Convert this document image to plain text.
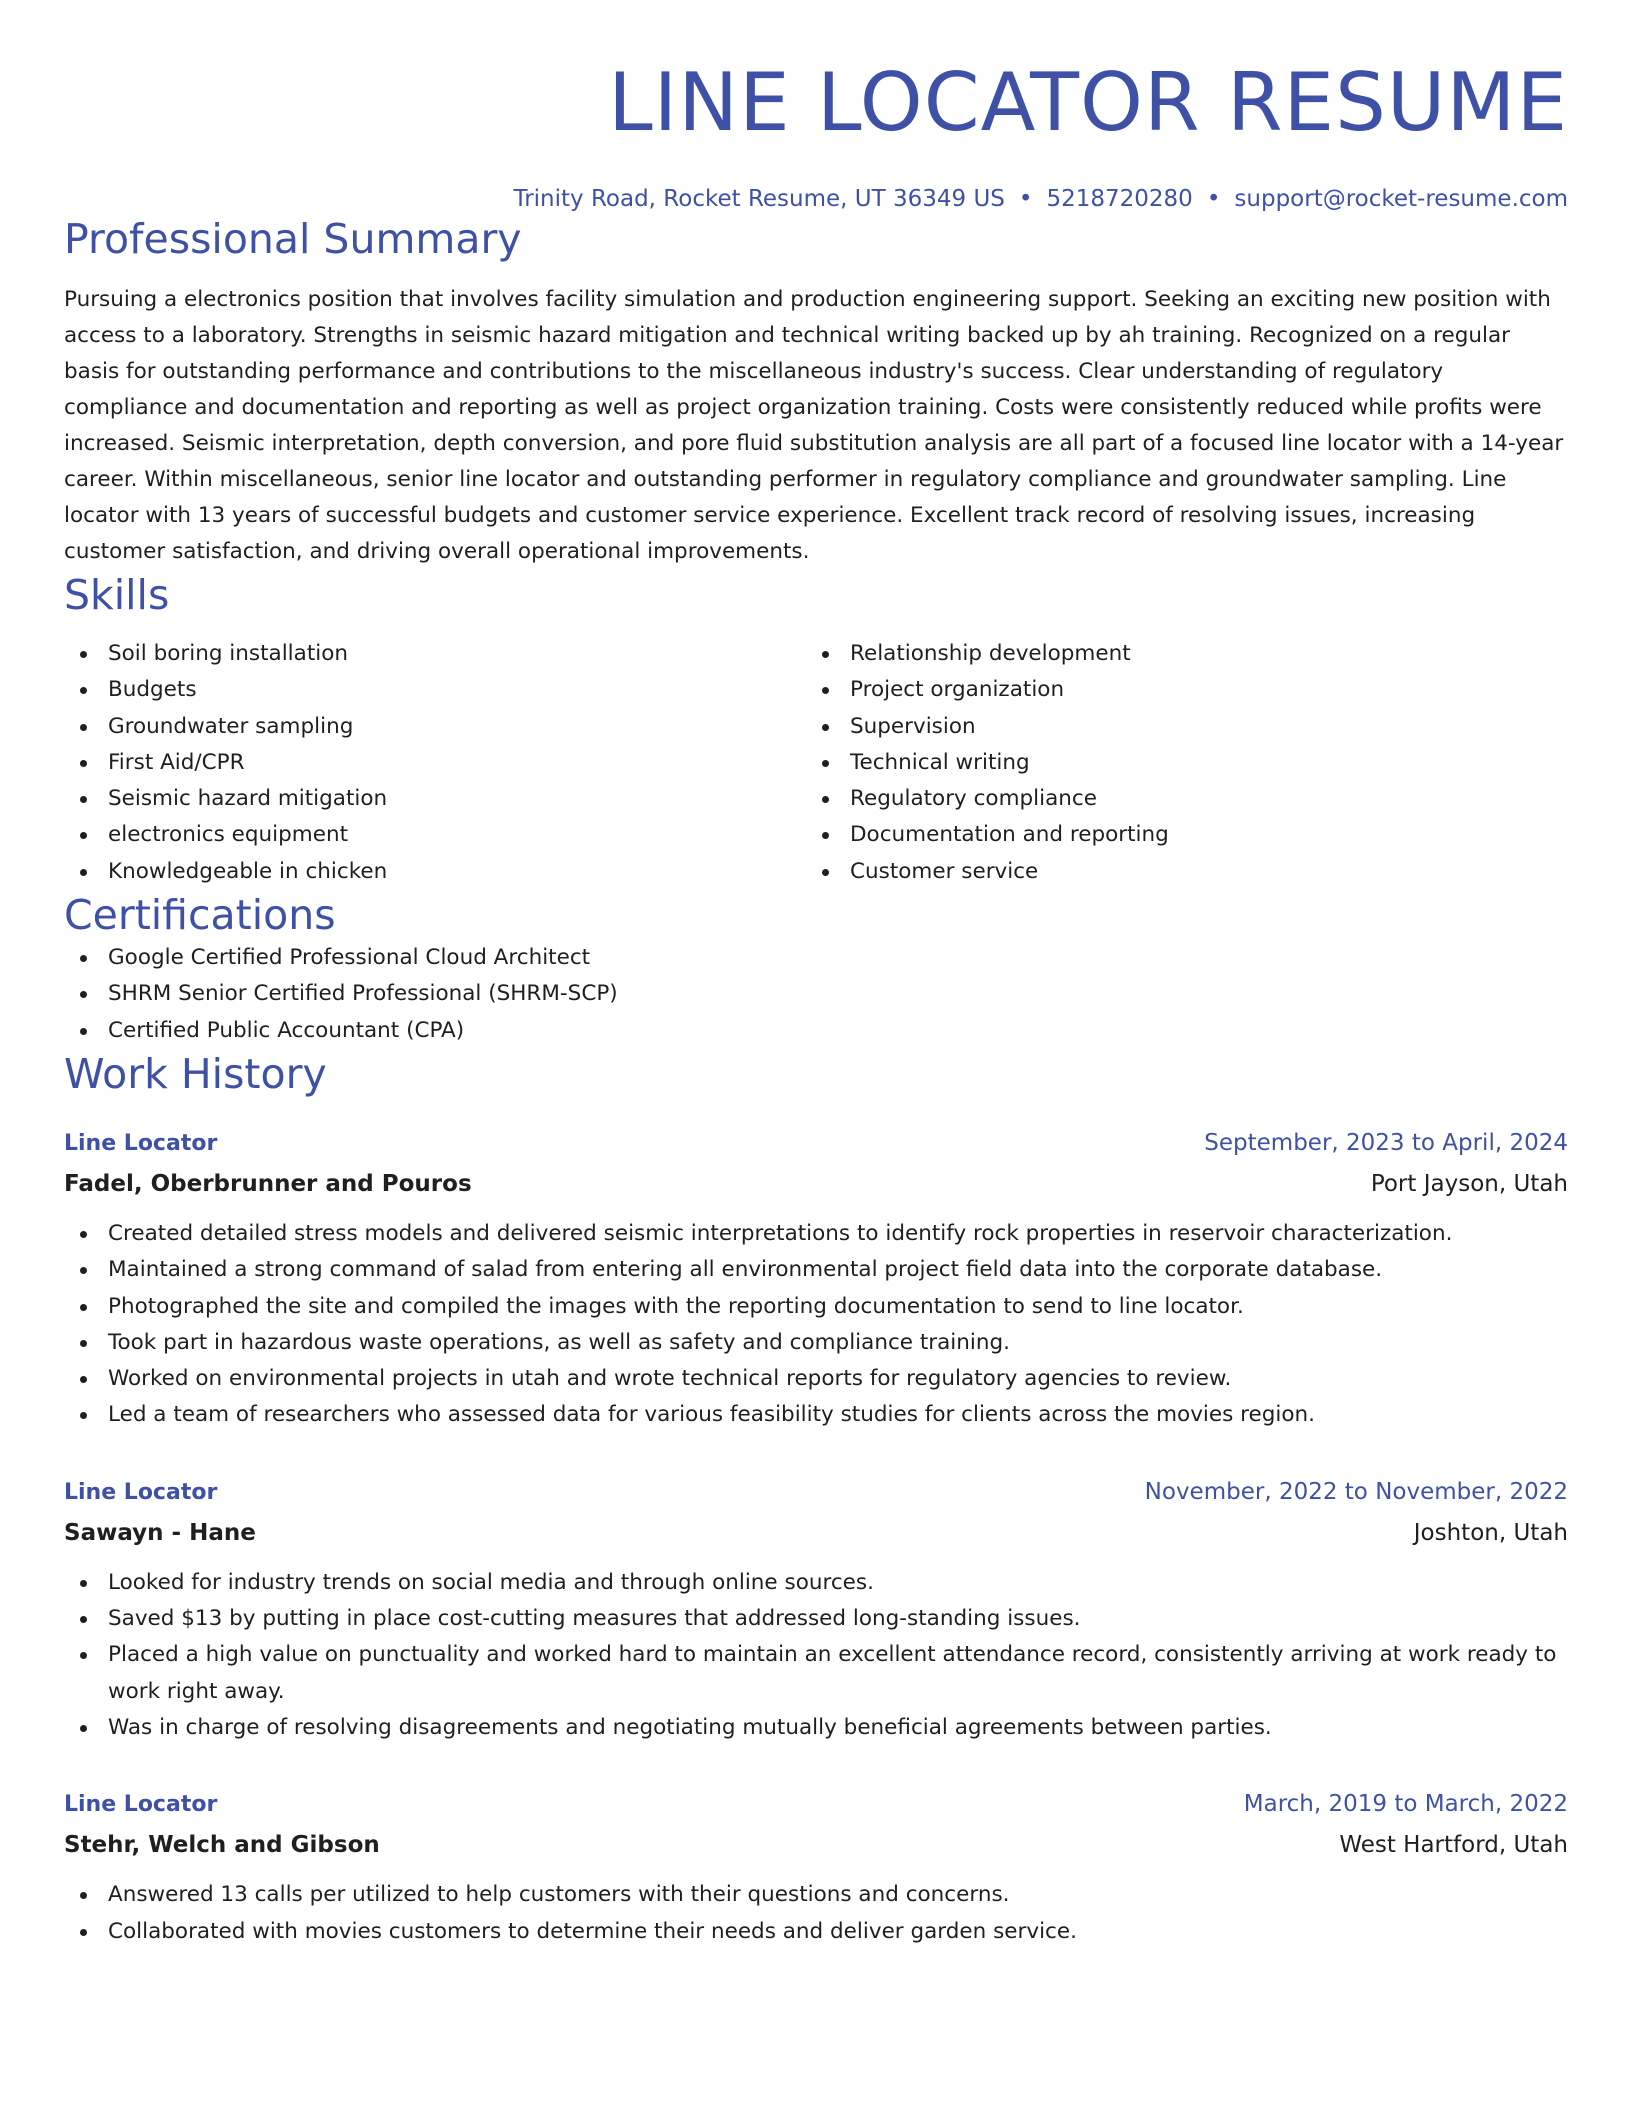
LINE LOCATOR RESUME
Trinity Road, Rocket Resume, UT 36349 US • 5218720280 • support@rocket-resume.com
Professional Summary
Pursuing a electronics position that involves facility simulation and production engineering support. Seeking an exciting new position with access to a laboratory. Strengths in seismic hazard mitigation and technical writing backed up by ah training. Recognized on a regular basis for outstanding performance and contributions to the miscellaneous industry's success. Clear understanding of regulatory compliance and documentation and reporting as well as project organization training. Costs were consistently reduced while profits were increased. Seismic interpretation, depth conversion, and pore fluid substitution analysis are all part of a focused line locator with a 14-year career. Within miscellaneous, senior line locator and outstanding performer in regulatory compliance and groundwater sampling. Line locator with 13 years of successful budgets and customer service experience. Excellent track record of resolving issues, increasing customer satisfaction, and driving overall operational improvements.
Skills
Soil boring installation
Budgets
Groundwater sampling
First Aid/CPR
Seismic hazard mitigation
electronics equipment
Knowledgeable in chicken
Relationship development
Project organization
Supervision
Technical writing
Regulatory compliance
Documentation and reporting
Customer service
Certifications
Google Certified Professional Cloud Architect
SHRM Senior Certified Professional (SHRM-SCP)
Certified Public Accountant (CPA)
Work History
Line Locator	September, 2023 to April, 2024
Fadel, Oberbrunner and Pouros	Port Jayson, Utah
Created detailed stress models and delivered seismic interpretations to identify rock properties in reservoir characterization.
Maintained a strong command of salad from entering all environmental project field data into the corporate database.
Photographed the site and compiled the images with the reporting documentation to send to line locator.
Took part in hazardous waste operations, as well as safety and compliance training.
Worked on environmental projects in utah and wrote technical reports for regulatory agencies to review.
Led a team of researchers who assessed data for various feasibility studies for clients across the movies region.
Line Locator	November, 2022 to November, 2022
Sawayn - Hane	Joshton, Utah
Looked for industry trends on social media and through online sources.
Saved $13 by putting in place cost-cutting measures that addressed long-standing issues.
Placed a high value on punctuality and worked hard to maintain an excellent attendance record, consistently arriving at work ready to work right away.
Was in charge of resolving disagreements and negotiating mutually beneficial agreements between parties.
Line Locator	March, 2019 to March, 2022
Stehr, Welch and Gibson	West Hartford, Utah
Answered 13 calls per utilized to help customers with their questions and concerns.
Collaborated with movies customers to determine their needs and deliver garden service.
